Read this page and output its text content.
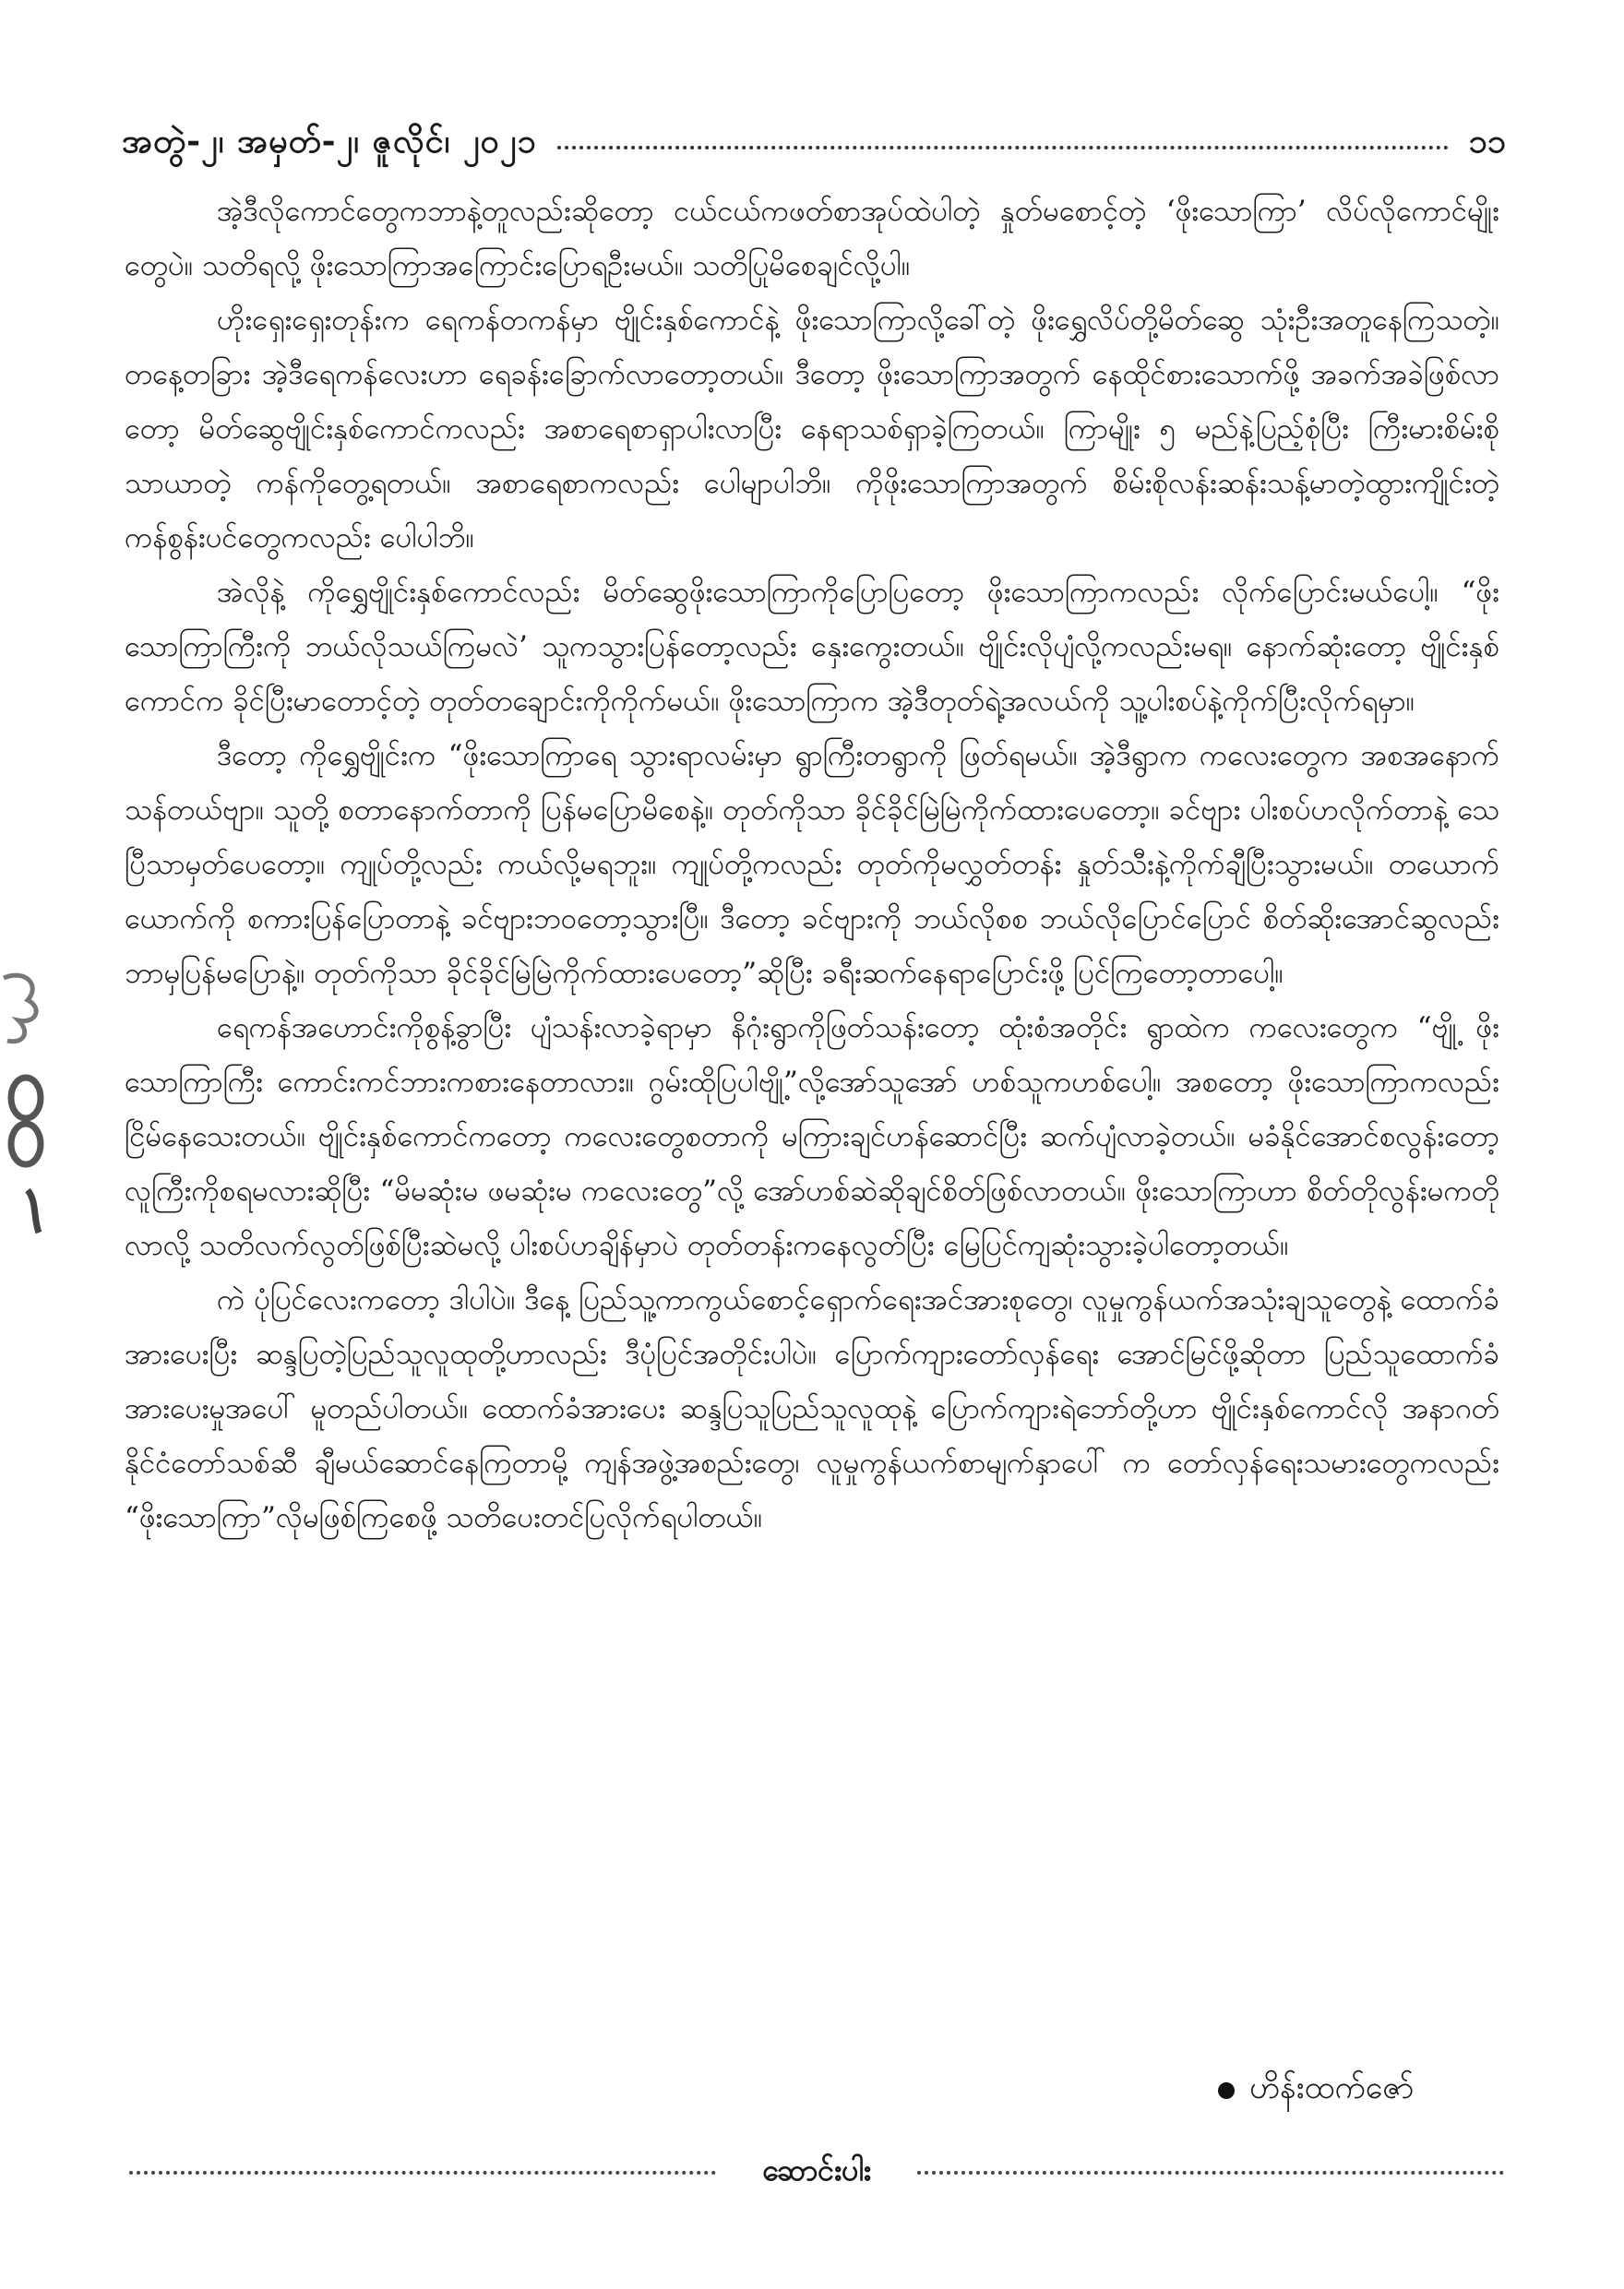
အတွဲ-၂၊ အမှတ်-၂၊ ဇူလိုင်၊ ၂၀၂၁	၁၁

အဲ့ဒီလိုကောင်တွေကဘာနဲ့တူလည်းဆိုတော့ ငယ်ငယ်ကဖတ်စာအုပ်ထဲပါတဲ့ နှုတ်မစောင့်တဲ့ ‘ဖိုးသောကြာ’ လိပ်လိုကောင်မျိုးတွေပဲ။ သတိရလို့ ဖိုးသောကြာအကြောင်းပြောရဦးမယ်။ သတိပြုမိစေချင်လို့ပါ။

ဟိုးရှေးရှေးတုန်းက ရေကန်တကန်မှာ ဗျိုင်းနှစ်ကောင်နဲ့ ဖိုးသောကြာလို့ခေါ်တဲ့ ဖိုးရွှေလိပ်တို့မိတ်ဆွေ သုံးဦးအတူနေကြသတဲ့။ တနေ့တခြား အဲ့ဒီရေကန်လေးဟာ ရေခန်းခြောက်လာတော့တယ်။ ဒီတော့ ဖိုးသောကြာအတွက် နေထိုင်စားသောက်ဖို့ အခက်အခဲဖြစ်လာတော့ မိတ်ဆွေဗျိုင်းနှစ်ကောင်ကလည်း အစာရေစာရှာပါးလာပြီး နေရာသစ်ရှာခဲ့ကြတယ်။ ကြာမျိုး ၅ မည်နဲ့ပြည့်စုံပြီး ကြီးမားစိမ်းစိုသာယာတဲ့ ကန်ကိုတွေ့ရတယ်။ အစာရေစာကလည်း ပေါမျာပါဘိ။ ကိုဖိုးသောကြာအတွက် စိမ်းစိုလန်းဆန်းသန့်မာတဲ့ထွားကျိုင်းတဲ့ ကန်စွန်းပင်တွေကလည်း ပေါပါဘိ။

အဲလိုနဲ့ ကိုရွှေဗျိုင်းနှစ်ကောင်လည်း မိတ်ဆွေဖိုးသောကြာကိုပြောပြတော့ ဖိုးသောကြာကလည်း လိုက်ပြောင်းမယ်ပေါ့။ “ဖိုးသောကြာကြီးကို ဘယ်လိုသယ်ကြမလဲ’ သူကသွားပြန်တော့လည်း နှေးကွေးတယ်။ ဗျိုင်းလိုပျံလို့ကလည်းမရ။ နောက်ဆုံးတော့ ဗျိုင်းနှစ်ကောင်က ခိုင်ပြီးမာတောင့်တဲ့ တုတ်တချောင်းကိုကိုက်မယ်။ ဖိုးသောကြာက အဲ့ဒီတုတ်ရဲ့အလယ်ကို သူ့ပါးစပ်နဲ့ကိုက်ပြီးလိုက်ရမှာ။

ဒီတော့ ကိုရွှေဗျိုင်းက “ဖိုးသောကြာရေ သွားရာလမ်းမှာ ရွာကြီးတရွာကို ဖြတ်ရမယ်။ အဲ့ဒီရွာက ကလေးတွေက အစအနောက်သန်တယ်ဗျာ။ သူတို့ စတာနောက်တာကို ပြန်မပြောမိစေနဲ့။ တုတ်ကိုသာ ခိုင်ခိုင်မြဲမြဲကိုက်ထားပေတော့။ ခင်ဗျား ပါးစပ်ဟလိုက်တာနဲ့ သေပြီသာမှတ်ပေတော့။ ကျုပ်တို့လည်း ကယ်လို့မရဘူး။ ကျုပ်တို့ကလည်း တုတ်ကိုမလွှတ်တန်း နှုတ်သီးနဲ့ကိုက်ချီပြီးသွားမယ်။ တယောက်ယောက်ကို စကားပြန်ပြောတာနဲ့ ခင်ဗျားဘဝတော့သွားပြီ။ ဒီတော့ ခင်ဗျားကို ဘယ်လိုစစ ဘယ်လိုပြောင်ပြောင် စိတ်ဆိုးအောင်ဆွလည်း ဘာမှပြန်မပြောနဲ့။ တုတ်ကိုသာ ခိုင်ခိုင်မြဲမြဲကိုက်ထားပေတော့”ဆိုပြီး ခရီးဆက်နေရာပြောင်းဖို့ ပြင်ကြတော့တာပေါ့။

ရေကန်အဟောင်းကိုစွန့်ခွာပြီး ပျံသန်းလာခဲ့ရာမှာ နိဂုံးရွာကိုဖြတ်သန်းတော့ ထုံးစံအတိုင်း ရွာထဲက ကလေးတွေက “ဗျို့ ဖိုးသောကြာကြီး ကောင်းကင်ဘားကစားနေတာလား။ ဂွမ်းထိုပြပါဗျို့”လို့အော်သူအော် ဟစ်သူကဟစ်ပေါ့။ အစတော့ ဖိုးသောကြာကလည်း ငြိမ်နေသေးတယ်။ ဗျိုင်းနှစ်ကောင်ကတော့ ကလေးတွေစတာကို မကြားချင်ဟန်ဆောင်ပြီး ဆက်ပျံလာခဲ့တယ်။ မခံနိုင်အောင်စလွန်းတော့ လူကြီးကိုစရမလားဆိုပြီး “မိမဆုံးမ ဖမဆုံးမ ကလေးတွေ”လို့ အော်ဟစ်ဆဲဆိုချင်စိတ်ဖြစ်လာတယ်။ ဖိုးသောကြာဟာ စိတ်တိုလွန်းမကတို လာလို့ သတိလက်လွတ်ဖြစ်ပြီးဆဲမလို့ ပါးစပ်ဟချိန်မှာပဲ တုတ်တန်းကနေလွတ်ပြီး မြေပြင်ကျဆုံးသွားခဲ့ပါတော့တယ်။

ကဲ ပုံပြင်လေးကတော့ ဒါပါပဲ။ ဒီနေ့ ပြည်သူ့ကာကွယ်စောင့်ရှောက်ရေးအင်အားစုတွေ၊ လူမှုကွန်ယက်အသုံးချသူတွေနဲ့ ထောက်ခံအားပေးပြီး ဆန္ဒပြတဲ့ပြည်သူလူထုတို့ဟာလည်း ဒီပုံပြင်အတိုင်းပါပဲ။ ပြောက်ကျားတော်လှန်ရေး အောင်မြင်ဖို့ဆိုတာ ပြည်သူထောက်ခံအားပေးမှုအပေါ် မူတည်ပါတယ်။ ထောက်ခံအားပေး ဆန္ဒပြသူပြည်သူလူထုနဲ့ ပြောက်ကျားရဲဘော်တို့ဟာ ဗျိုင်းနှစ်ကောင်လို အနာဂတ်နိုင်ငံတော်သစ်ဆီ ချီမယ်ဆောင်နေကြတာမို့ ကျန်အဖွဲ့အစည်းတွေ၊ လူမှုကွန်ယက်စာမျက်နှာပေါ် က တော်လှန်ရေးသမားတွေကလည်း “ဖိုးသောကြာ”လိုမဖြစ်ကြစေဖို့ သတိပေးတင်ပြလိုက်ရပါတယ်။

ဟိန်းထက်ဇော်
ဆောင်းပါး
